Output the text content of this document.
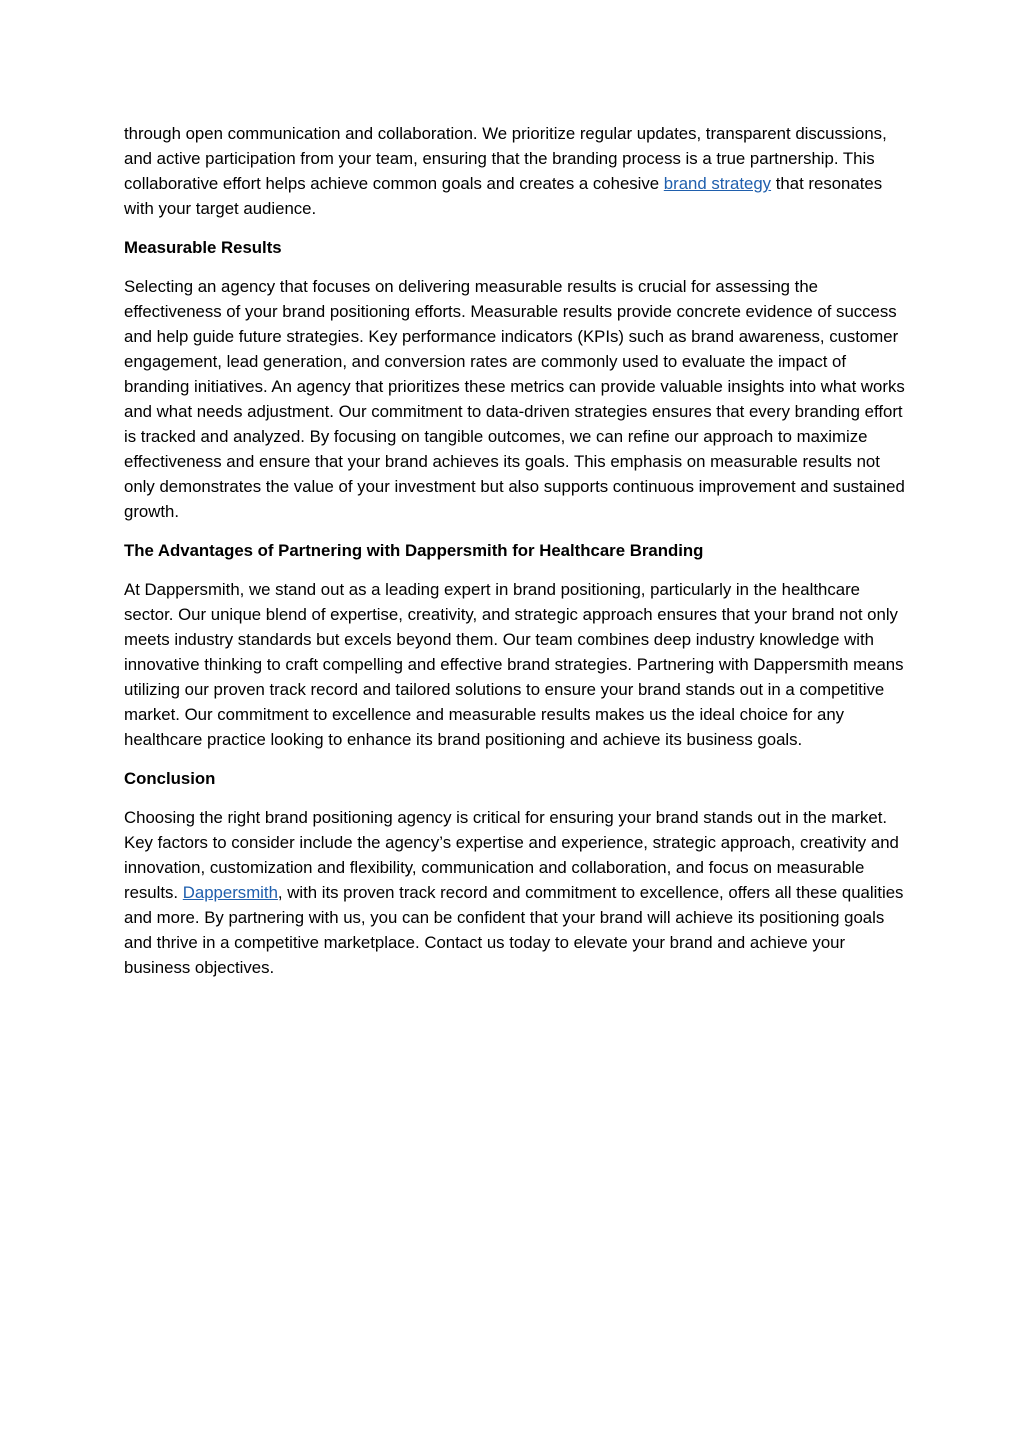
through open communication and collaboration. We prioritize regular updates, transparent discussions, and active participation from your team, ensuring that the branding process is a true partnership. This collaborative effort helps achieve common goals and creates a cohesive brand strategy that resonates with your target audience.

Measurable Results

Selecting an agency that focuses on delivering measurable results is crucial for assessing the effectiveness of your brand positioning efforts. Measurable results provide concrete evidence of success and help guide future strategies. Key performance indicators (KPIs) such as brand awareness, customer engagement, lead generation, and conversion rates are commonly used to evaluate the impact of branding initiatives. An agency that prioritizes these metrics can provide valuable insights into what works and what needs adjustment. Our commitment to data-driven strategies ensures that every branding effort is tracked and analyzed. By focusing on tangible outcomes, we can refine our approach to maximize effectiveness and ensure that your brand achieves its goals. This emphasis on measurable results not only demonstrates the value of your investment but also supports continuous improvement and sustained growth.

The Advantages of Partnering with Dappersmith for Healthcare Branding

At Dappersmith, we stand out as a leading expert in brand positioning, particularly in the healthcare sector. Our unique blend of expertise, creativity, and strategic approach ensures that your brand not only meets industry standards but excels beyond them. Our team combines deep industry knowledge with innovative thinking to craft compelling and effective brand strategies. Partnering with Dappersmith means utilizing our proven track record and tailored solutions to ensure your brand stands out in a competitive market. Our commitment to excellence and measurable results makes us the ideal choice for any healthcare practice looking to enhance its brand positioning and achieve its business goals.

Conclusion

Choosing the right brand positioning agency is critical for ensuring your brand stands out in the market. Key factors to consider include the agency’s expertise and experience, strategic approach, creativity and innovation, customization and flexibility, communication and collaboration, and focus on measurable results. Dappersmith, with its proven track record and commitment to excellence, offers all these qualities and more. By partnering with us, you can be confident that your brand will achieve its positioning goals and thrive in a competitive marketplace. Contact us today to elevate your brand and achieve your business objectives.
